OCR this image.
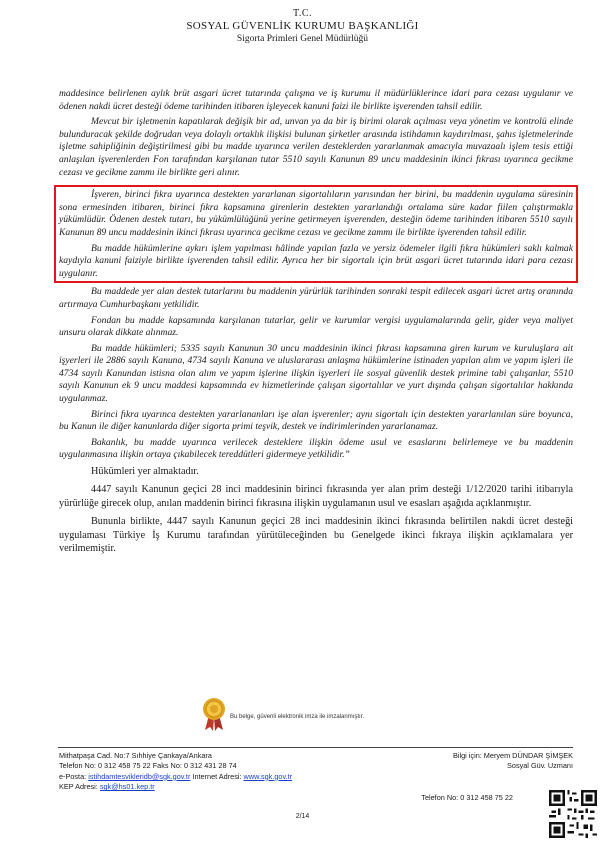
T.C.
SOSYAL GÜVENLİK KURUMU BAŞKANLIĞI
Sigorta Primleri Genel Müdürlüğü

maddesince belirlenen aylık brüt asgari ücret tutarında çalışma ve iş kurumu il müdürlüklerince idari para cezası uygulanır ve ödenen nakdi ücret desteği ödeme tarihinden itibaren işleyecek kanuni faizi ile birlikte işverenden tahsil edilir.

Mevcut bir işletmenin kapatılarak değişik bir ad, unvan ya da bir iş birimi olarak açılması veya yönetim ve kontrolü elinde bulunduracak şekilde doğrudan veya dolaylı ortaklık ilişkisi bulunan şirketler arasında istihdamın kaydırılması, şahıs işletmelerinde işletme sahipliğinin değiştirilmesi gibi bu madde uyarınca verilen desteklerden yararlanmak amacıyla muvazaalı işlem tesis ettiği anlaşılan işverenlerden Fon tarafından karşılanan tutar 5510 sayılı Kanunun 89 uncu maddesinin ikinci fıkrası uyarınca gecikme cezası ve gecikme zammı ile birlikte geri alınır.

İşveren, birinci fıkra uyarınca destekten yararlanan sigortalıların yarısından her birini, bu maddenin uygulama süresinin sona ermesinden itibaren, birinci fıkra kapsamına girenlerin destekten yararlandığı ortalama süre kadar fiilen çalıştırmakla yükümlüdür. Ödenen destek tutarı, bu yükümlülüğünü yerine getirmeyen işverenden, desteğin ödeme tarihinden itibaren 5510 sayılı Kanunun 89 uncu maddesinin ikinci fıkrası uyarınca gecikme cezası ve gecikme zammı ile birlikte işverenden tahsil edilir.

Bu madde hükümlerine aykırı işlem yapılması hâlinde yapılan fazla ve yersiz ödemeler ilgili fıkra hükümleri saklı kalmak kaydıyla kanuni faiziyle birlikte işverenden tahsil edilir. Ayrıca her bir sigortalı için brüt asgari ücret tutarında idari para cezası uygulanır.

Bu maddede yer alan destek tutarlarını bu maddenin yürürlük tarihinden sonraki tespit edilecek asgari ücret artış oranında artırmaya Cumhurbaşkanı yetkilidir.

Fondan bu madde kapsamında karşılanan tutarlar, gelir ve kurumlar vergisi uygulamalarında gelir, gider veya maliyet unsuru olarak dikkate alınmaz.

Bu madde hükümleri; 5335 sayılı Kanunun 30 uncu maddesinin ikinci fıkrası kapsamına giren kurum ve kuruluşlara ait işyerleri ile 2886 sayılı Kanuna, 4734 sayılı Kanuna ve uluslararası anlaşma hükümlerine istinaden yapılan alım ve yapım işleri ile 4734 sayılı Kanundan istisna olan alım ve yapım işlerine ilişkin işyerleri ile sosyal güvenlik destek primine tabi çalışanlar, 5510 sayılı Kanunun ek 9 uncu maddesi kapsamında ev hizmetlerinde çalışan sigortalılar ve yurt dışında çalışan sigortalılar hakkında uygulanmaz.

Birinci fıkra uyarınca destekten yararlananları işe alan işverenler; aynı sigortalı için destekten yararlanılan süre boyunca, bu Kanun ile diğer kanunlarda diğer sigorta primi teşvik, destek ve indirimlerinden yararlanamaz.

Bakanlık, bu madde uyarınca verilecek desteklere ilişkin ödeme usul ve esaslarını belirlemeye ve bu maddenin uygulanmasına ilişkin ortaya çıkabilecek tereddütleri gidermeye yetkilidir.”

Hükümleri yer almaktadır.

4447 sayılı Kanunun geçici 28 inci maddesinin birinci fıkrasında yer alan prim desteği 1/12/2020 tarihi itibarıyla yürürlüğe girecek olup, anılan maddenin birinci fıkrasına ilişkin uygulamanın usul ve esasları aşağıda açıklanmıştır.

Bununla birlikte, 4447 sayılı Kanunun geçici 28 inci maddesinin ikinci fıkrasında belirtilen nakdi ücret desteği uygulaması Türkiye İş Kurumu tarafından yürütüleceğinden bu Genelgede ikinci fıkraya ilişkin açıklamalara yer verilmemiştir.

Bu belge, güvenli elektronik imza ile imzalanmıştır.
Mithatpaşa Cad. No:7 Sıhhiye Çankaya/Ankara
Telefon No: 0 312 458 75 22 Faks No: 0 312 431 28 74
e-Posta: istihdamtesvikleridb@sgk.gov.tr Internet Adresi: www.sgk.gov.tr
KEP Adresi: sgk@hs01.kep.tr
Bilgi için: Meryem DÜNDAR ŞİMŞEK
Sosyal Güv. Uzmanı
Telefon No: 0 312 458 75 22
2/14
